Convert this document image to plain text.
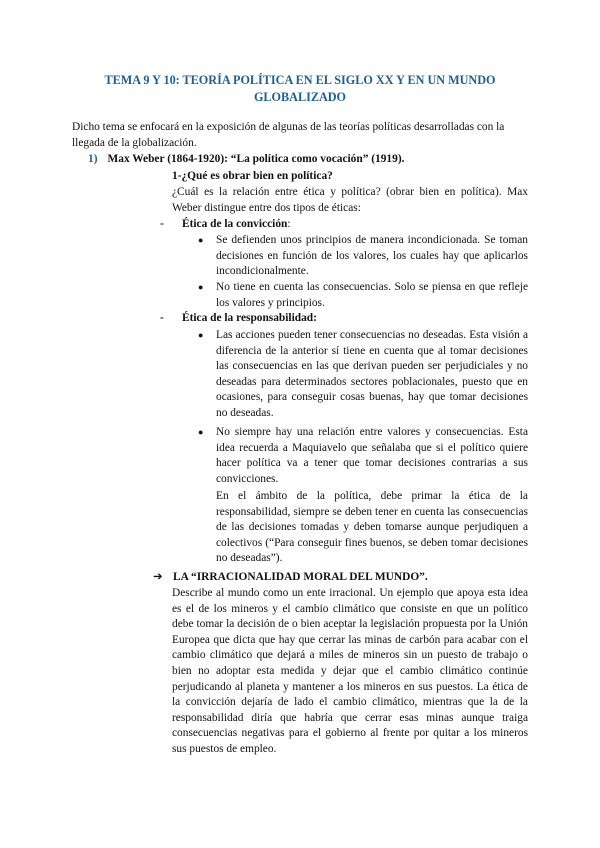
TEMA 9 Y 10: TEORÍA POLÍTICA EN EL SIGLO XX Y EN UN MUNDO GLOBALIZADO
Dicho tema se enfocará en la exposición de algunas de las teorías políticas desarrolladas con la llegada de la globalización.
1) Max Weber (1864-1920): “La política como vocación” (1919).
1-¿Qué es obrar bien en política?
¿Cuál es la relación entre ética y política? (obrar bien en política). Max Weber distingue entre dos tipos de éticas:
- Ética de la convicción:
● Se defienden unos principios de manera incondicionada. Se toman decisiones en función de los valores, los cuales hay que aplicarlos incondicionalmente.
● No tiene en cuenta las consecuencias. Solo se piensa en que refleje los valores y principios.
- Ética de la responsabilidad:
● Las acciones pueden tener consecuencias no deseadas. Esta visión a diferencia de la anterior sí tiene en cuenta que al tomar decisiones las consecuencias en las que derivan pueden ser perjudiciales y no deseadas para determinados sectores poblacionales, puesto que en ocasiones, para conseguir cosas buenas, hay que tomar decisiones no deseadas.
● No siempre hay una relación entre valores y consecuencias. Esta idea recuerda a Maquiavelo que señalaba que si el político quiere hacer política va a tener que tomar decisiones contrarias a sus convicciones.
En el ámbito de la política, debe primar la ética de la responsabilidad, siempre se deben tener en cuenta las consecuencias de las decisiones tomadas y deben tomarse aunque perjudiquen a colectivos (“Para conseguir fines buenos, se deben tomar decisiones no deseadas”).
➔ LA “IRRACIONALIDAD MORAL DEL MUNDO”.
Describe al mundo como un ente irracional. Un ejemplo que apoya esta idea es el de los mineros y el cambio climático que consiste en que un político debe tomar la decisión de o bien aceptar la legislación propuesta por la Unión Europea que dicta que hay que cerrar las minas de carbón para acabar con el cambio climático que dejará a miles de mineros sin un puesto de trabajo o bien no adoptar esta medida y dejar que el cambio climático continúe perjudicando al planeta y mantener a los mineros en sus puestos. La ética de la convicción dejaría de lado el cambio climático, mientras que la de la responsabilidad diría que habría que cerrar esas minas aunque traiga consecuencias negativas para el gobierno al frente por quitar a los mineros sus puestos de empleo.
